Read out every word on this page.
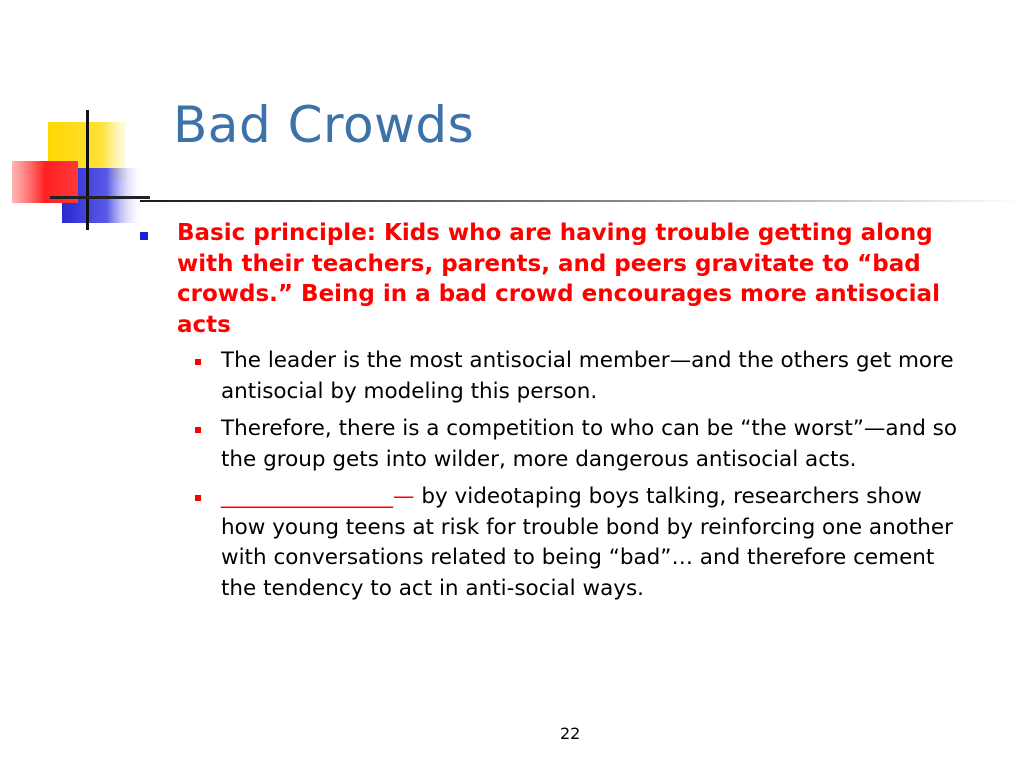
Bad Crowds
Basic principle: Kids who are having trouble getting along with their teachers, parents, and peers gravitate to “bad crowds.” Being in a bad crowd encourages more antisocial acts
The leader is the most antisocial member—and the others get more antisocial by modeling this person.
Therefore, there is a competition to who can be “the worst”—and so the group gets into wilder, more dangerous antisocial acts.
________________— by videotaping boys talking, researchers show how young teens at risk for trouble bond by reinforcing one another with conversations related to being “bad”… and therefore cement the tendency to act in anti-social ways.
22
